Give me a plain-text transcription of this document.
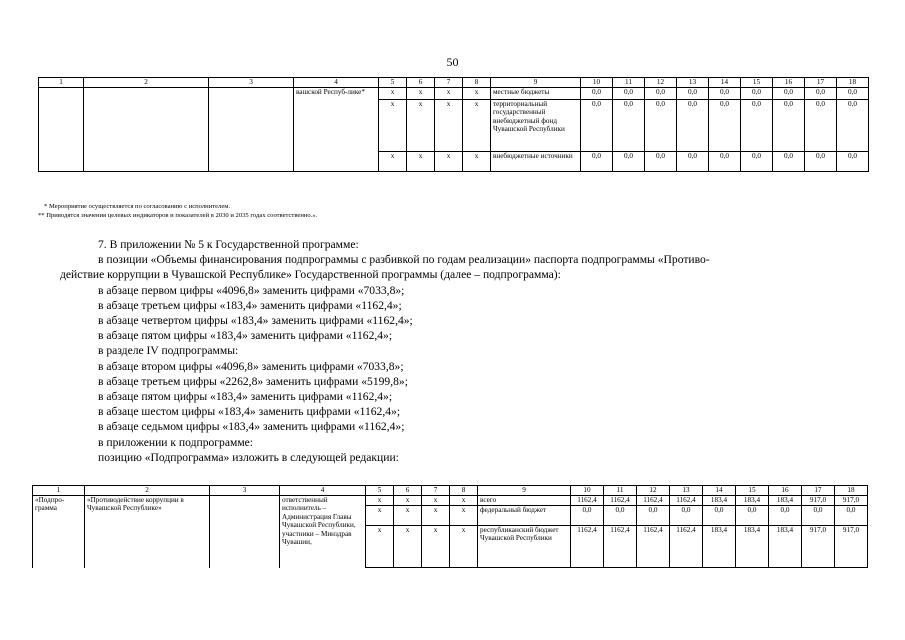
50
1	2	3	4	5	6	7	8	9	10	11	12	13	14	15	16	17	18
			вашской Респуб-лике*	x	x	x	x	местные бюджеты	0,0	0,0	0,0	0,0	0,0	0,0	0,0	0,0	0,0
				x	x	x	x	территориальный государственный внебюджетный фонд Чувашской Республики	0,0	0,0	0,0	0,0	0,0	0,0	0,0	0,0	0,0
				x	x	x	x	внебюджетные источники	0,0	0,0	0,0	0,0	0,0	0,0	0,0	0,0	0,0
* Мероприятие осуществляется по согласованию с исполнителем.
** Приводятся значения целевых индикаторов и показателей в 2030 и 2035 годах соответственно.».

7. В приложении № 5 к Государственной программе:

в позиции «Объемы финансирования подпрограммы с разбивкой по годам реализации» паспорта подпрограммы «Противо-

действие коррупции в Чувашской Республике» Государственной программы (далее – подпрограмма):

в абзаце первом цифры «4096,8» заменить цифрами «7033,8»;

в абзаце третьем цифры «183,4» заменить цифрами «1162,4»;

в абзаце четвертом цифры «183,4» заменить цифрами «1162,4»;

в абзаце пятом цифры «183,4» заменить цифрами «1162,4»;

в разделе IV подпрограммы:

в абзаце втором цифры «4096,8» заменить цифрами «7033,8»;

в абзаце третьем цифры «2262,8» заменить цифрами «5199,8»;

в абзаце пятом цифры «183,4» заменить цифрами «1162,4»;

в абзаце шестом цифры «183,4» заменить цифрами «1162,4»;

в абзаце седьмом цифры «183,4» заменить цифрами «1162,4»;

в приложении к подпрограмме:

позицию «Подпрограмма» изложить в следующей редакции:

1	2	3	4	5	6	7	8	9	10	11	12	13	14	15	16	17	18
«Подпро-грамма	«Противодействие коррупции в Чувашской Республике»		ответственный исполнитель – Администрация Главы Чувашской Республики, участники – Минздрав Чувашии,	x	x	x	x	всего	1162,4	1162,4	1162,4	1162,4	183,4	183,4	183,4	917,0	917,0
				x	x	x	x	федеральный бюджет	0,0	0,0	0,0	0,0	0,0	0,0	0,0	0,0	0,0
				x	x	x	x	республиканский бюджет Чувашской Республики	1162,4	1162,4	1162,4	1162,4	183,4	183,4	183,4	917,0	917,0
